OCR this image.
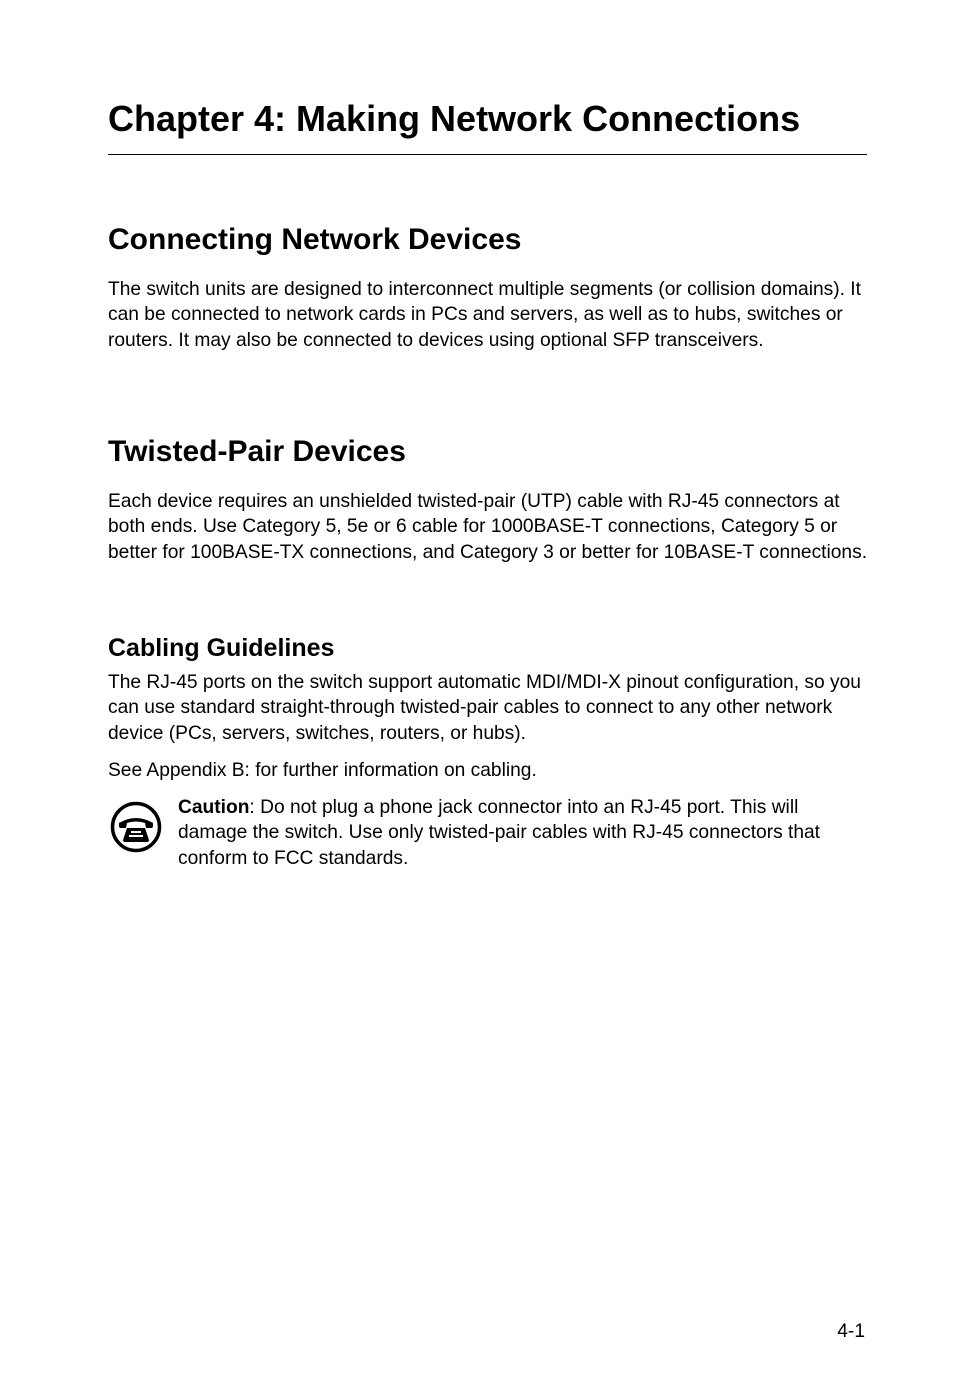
Chapter 4: Making Network Connections
Connecting Network Devices

The switch units are designed to interconnect multiple segments (or collision domains). It can be connected to network cards in PCs and servers, as well as to hubs, switches or routers. It may also be connected to devices using optional SFP transceivers.

Twisted-Pair Devices

Each device requires an unshielded twisted-pair (UTP) cable with RJ-45 connectors at both ends. Use Category 5, 5e or 6 cable for 1000BASE-T connections, Category 5 or better for 100BASE-TX connections, and Category 3 or better for 10BASE-T connections.

Cabling Guidelines

The RJ-45 ports on the switch support automatic MDI/MDI-X pinout configuration, so you can use standard straight-through twisted-pair cables to connect to any other network device (PCs, servers, switches, routers, or hubs).

See Appendix B: for further information on cabling.

Caution: Do not plug a phone jack connector into an RJ-45 port. This will damage the switch. Use only twisted-pair cables with RJ-45 connectors that conform to FCC standards.

4-1
